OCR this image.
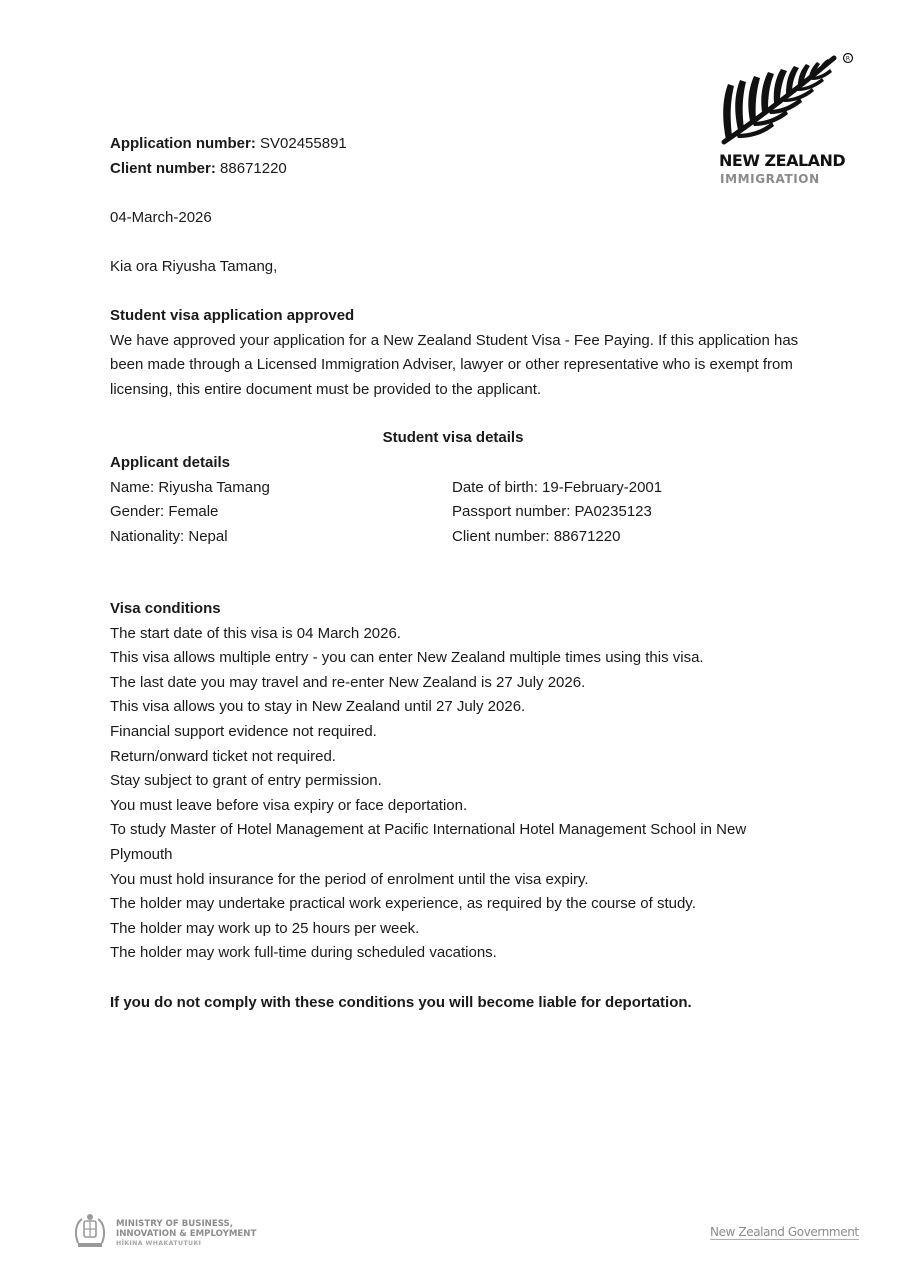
R
NEW ZEALAND
IMMIGRATION
Application number: SV02455891
Client number: 88671220
04-March-2026
Kia ora Riyusha Tamang,
Student visa application approved
We have approved your application for a New Zealand Student Visa - Fee Paying. If this application has been made through a Licensed Immigration Adviser, lawyer or other representative who is exempt from licensing, this entire document must be provided to the applicant.
Student visa details
Applicant details
Name: Riyusha Tamang
Gender: Female
Nationality: Nepal
Date of birth: 19-February-2001
Passport number: PA0235123
Client number: 88671220
Visa conditions
The start date of this visa is 04 March 2026.
This visa allows multiple entry - you can enter New Zealand multiple times using this visa.
The last date you may travel and re-enter New Zealand is 27 July 2026.
This visa allows you to stay in New Zealand until 27 July 2026.
Financial support evidence not required.
Return/onward ticket not required.
Stay subject to grant of entry permission.
You must leave before visa expiry or face deportation.
To study Master of Hotel Management at Pacific International Hotel Management School in New Plymouth
You must hold insurance for the period of enrolment until the visa expiry.
The holder may undertake practical work experience, as required by the course of study.
The holder may work up to 25 hours per week.
The holder may work full-time during scheduled vacations.
If you do not comply with these conditions you will become liable for deportation.
MINISTRY OF BUSINESS,
INNOVATION & EMPLOYMENT
HĪKINA WHAKATUTUKI
New Zealand Government
